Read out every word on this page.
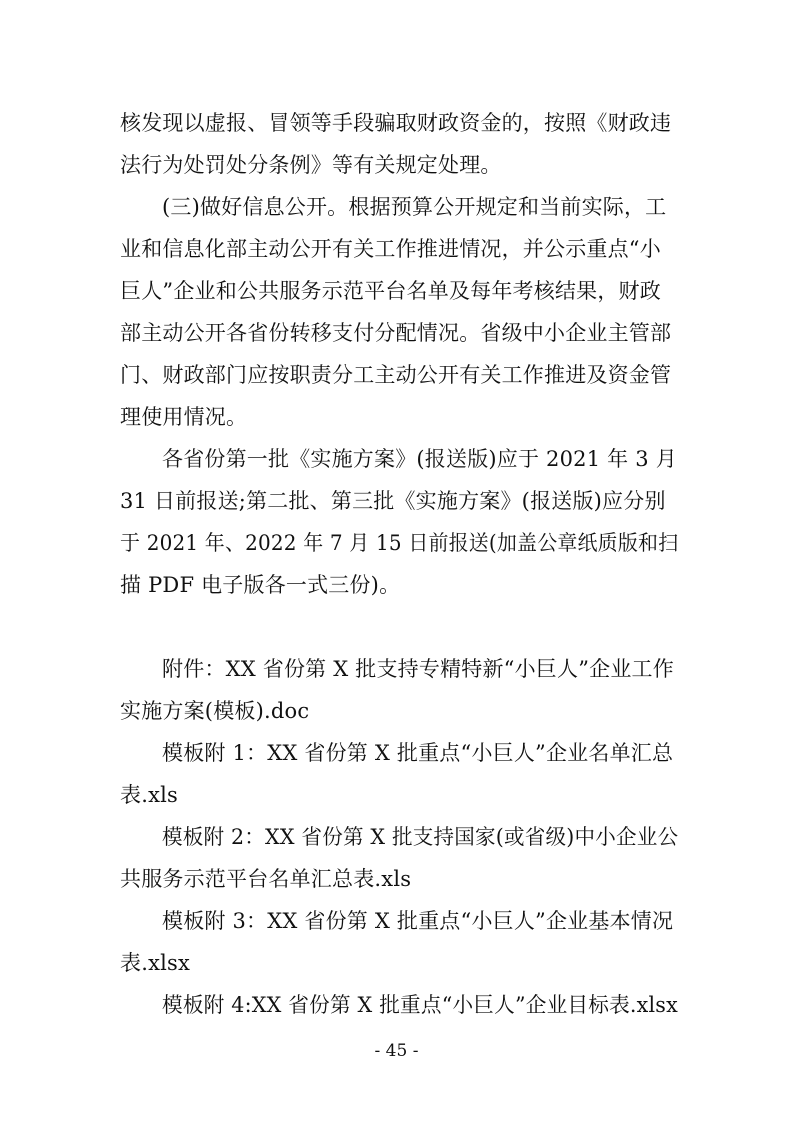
核发现以虚报、冒领等手段骗取财政资金的，按照《财政违
法行为处罚处分条例》等有关规定处理。
(三)做好信息公开。根据预算公开规定和当前实际，工
业和信息化部主动公开有关工作推进情况，并公示重点“小
巨人”企业和公共服务示范平台名单及每年考核结果，财政
部主动公开各省份转移支付分配情况。省级中小企业主管部
门、财政部门应按职责分工主动公开有关工作推进及资金管
理使用情况。
各省份第一批《实施方案》(报送版)应于 2021 年 3 月
31 日前报送;第二批、第三批《实施方案》(报送版)应分别
于 2021 年、2022 年 7 月 15 日前报送(加盖公章纸质版和扫
描 PDF 电子版各一式三份)。
附件：XX 省份第 X 批支持专精特新“小巨人”企业工作
实施方案(模板).doc
模板附 1：XX 省份第 X 批重点“小巨人”企业名单汇总
表.xls
模板附 2：XX 省份第 X 批支持国家(或省级)中小企业公
共服务示范平台名单汇总表.xls
模板附 3：XX 省份第 X 批重点“小巨人”企业基本情况
表.xlsx
模板附 4:XX 省份第 X 批重点“小巨人”企业目标表.xlsx
- 45 -
